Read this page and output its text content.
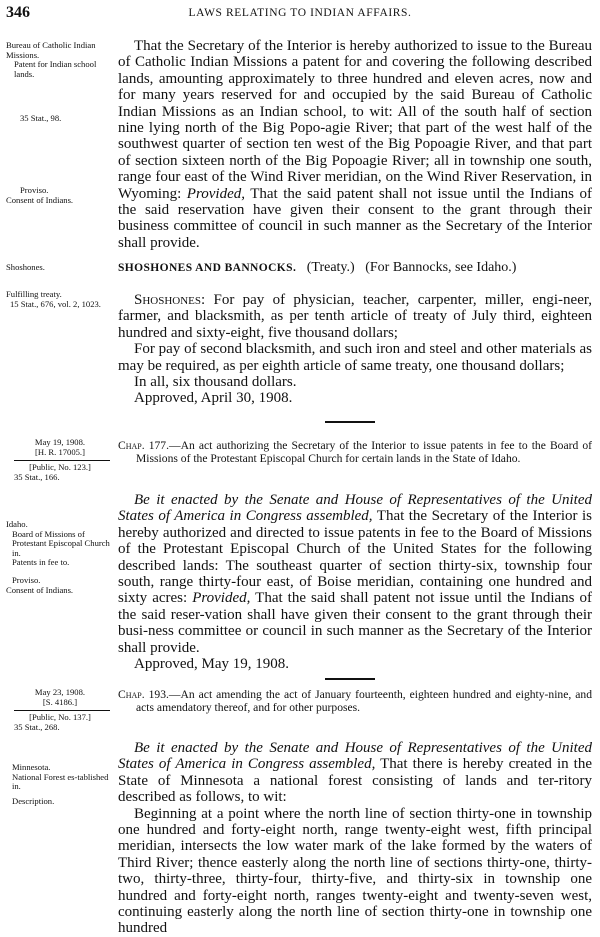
346	LAWS RELATING TO INDIAN AFFAIRS.
Bureau of Catholic Indian Missions.
Patent for Indian school lands.
35 Stat., 98.
Proviso.
Consent of Indians.

That the Secretary of the Interior is hereby authorized to issue to the Bureau of Catholic Indian Missions a patent for and covering the following described lands, amounting approximately to three hundred and eleven acres, now and for many years reserved for and occupied by the said Bureau of Catholic Indian Missions as an Indian school, to wit: All of the south half of section nine lying north of the Big Popo-agie River; that part of the west half of the southwest quarter of section ten west of the Big Popoagie River, and that part of section sixteen north of the Big Popoagie River; all in township one south, range four east of the Wind River meridian, on the Wind River Reservation, in Wyoming: Provided, That the said patent shall not issue until the Indians of the said reservation have given their consent to the grant through their business committee of council in such manner as the Secretary of the Interior shall provide.

Shoshones.	SHOSHONES AND BANNOCKS. (Treaty.) (For Bannocks, see Idaho.)
Fulfilling treaty.
15 Stat., 676, vol. 2, 1023.	Shoshones: For pay of physician, teacher, carpenter, miller, engi-neer, farmer, and blacksmith, as per tenth article of treaty of July third, eighteen hundred and sixty-eight, five thousand dollars;

For pay of second blacksmith, and such iron and steel and other materials as may be required, as per eighth article of same treaty, one thousand dollars;

In all, six thousand dollars.

Approved, April 30, 1908.

May 19, 1908.
[H. R. 17005.]
[Public, No. 123.]
35 Stat., 166.
Chap. 177.—An act authorizing the Secretary of the Interior to issue patents in fee to the Board of Missions of the Protestant Episcopal Church for certain lands in the State of Idaho.
Idaho.
Board of Missions of Protestant Episcopal Church in.
Patents in fee to.
Proviso.
Consent of Indians.

Be it enacted by the Senate and House of Representatives of the United States of America in Congress assembled, That the Secretary of the Interior is hereby authorized and directed to issue patents in fee to the Board of Missions of the Protestant Episcopal Church of the United States for the following described lands: The southeast quarter of section thirty-six, township four south, range thirty-four east, of Boise meridian, containing one hundred and sixty acres: Provided, That the said shall patent not issue until the Indians of the said reser-vation shall have given their consent to the grant through their busi-ness committee or council in such manner as the Secretary of the Interior shall provide.

Approved, May 19, 1908.

May 23, 1908.
[S. 4186.]
[Public, No. 137.]
35 Stat., 268.
Chap. 193.—An act amending the act of January fourteenth, eighteen hundred and eighty-nine, and acts amendatory thereof, and for other purposes.
Minnesota.
National Forest es-tablished in.
Description.

Be it enacted by the Senate and House of Representatives of the United States of America in Congress assembled, That there is hereby created in the State of Minnesota a national forest consisting of lands and ter-ritory described as follows, to wit:

Beginning at a point where the north line of section thirty-one in township one hundred and forty-eight north, range twenty-eight west, fifth principal meridian, intersects the low water mark of the lake formed by the waters of Third River; thence easterly along the north line of sections thirty-one, thirty-two, thirty-three, thirty-four, thirty-five, and thirty-six in township one hundred and forty-eight north, ranges twenty-eight and twenty-seven west, continuing easterly along the north line of section thirty-one in township one hundred
